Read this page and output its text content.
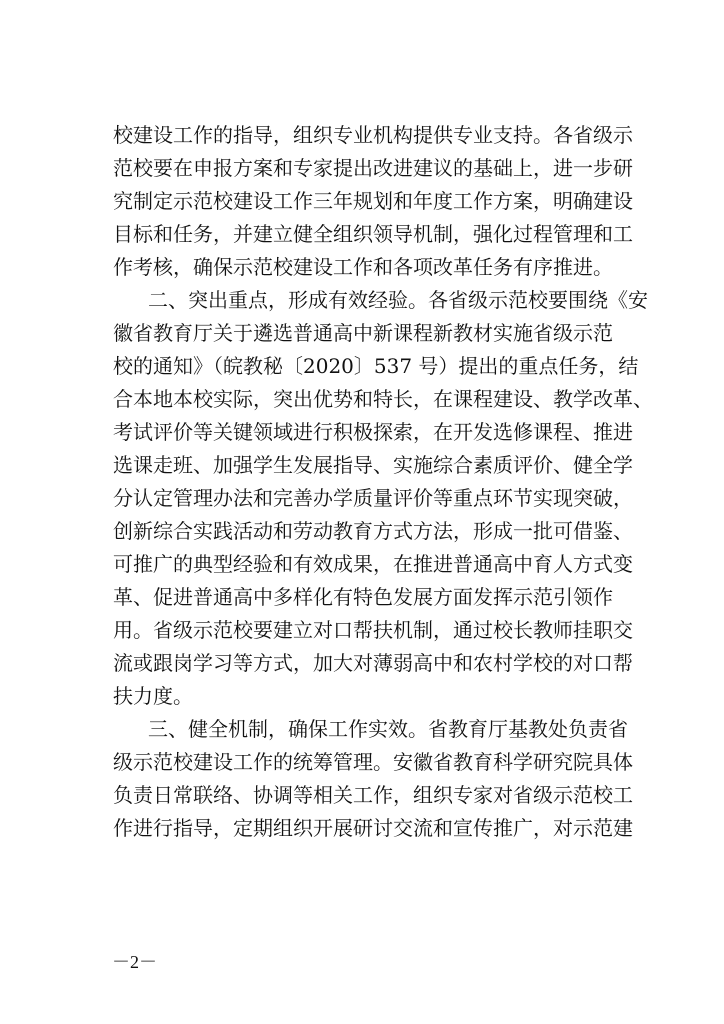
校建设工作的指导，组织专业机构提供专业支持。各省级示
范校要在申报方案和专家提出改进建议的基础上，进一步研
究制定示范校建设工作三年规划和年度工作方案，明确建设
目标和任务，并建立健全组织领导机制，强化过程管理和工
作考核，确保示范校建设工作和各项改革任务有序推进。
二、突出重点，形成有效经验。各省级示范校要围绕《安
徽省教育厅关于遴选普通高中新课程新教材实施省级示范
校的通知》（皖教秘〔2020〕537 号）提出的重点任务，结
合本地本校实际，突出优势和特长，在课程建设、教学改革、
考试评价等关键领域进行积极探索，在开发选修课程、推进
选课走班、加强学生发展指导、实施综合素质评价、健全学
分认定管理办法和完善办学质量评价等重点环节实现突破，
创新综合实践活动和劳动教育方式方法，形成一批可借鉴、
可推广的典型经验和有效成果，在推进普通高中育人方式变
革、促进普通高中多样化有特色发展方面发挥示范引领作
用。省级示范校要建立对口帮扶机制，通过校长教师挂职交
流或跟岗学习等方式，加大对薄弱高中和农村学校的对口帮
扶力度。
三、健全机制，确保工作实效。省教育厅基教处负责省
级示范校建设工作的统筹管理。安徽省教育科学研究院具体
负责日常联络、协调等相关工作，组织专家对省级示范校工
作进行指导，定期组织开展研讨交流和宣传推广，对示范建
－2－
